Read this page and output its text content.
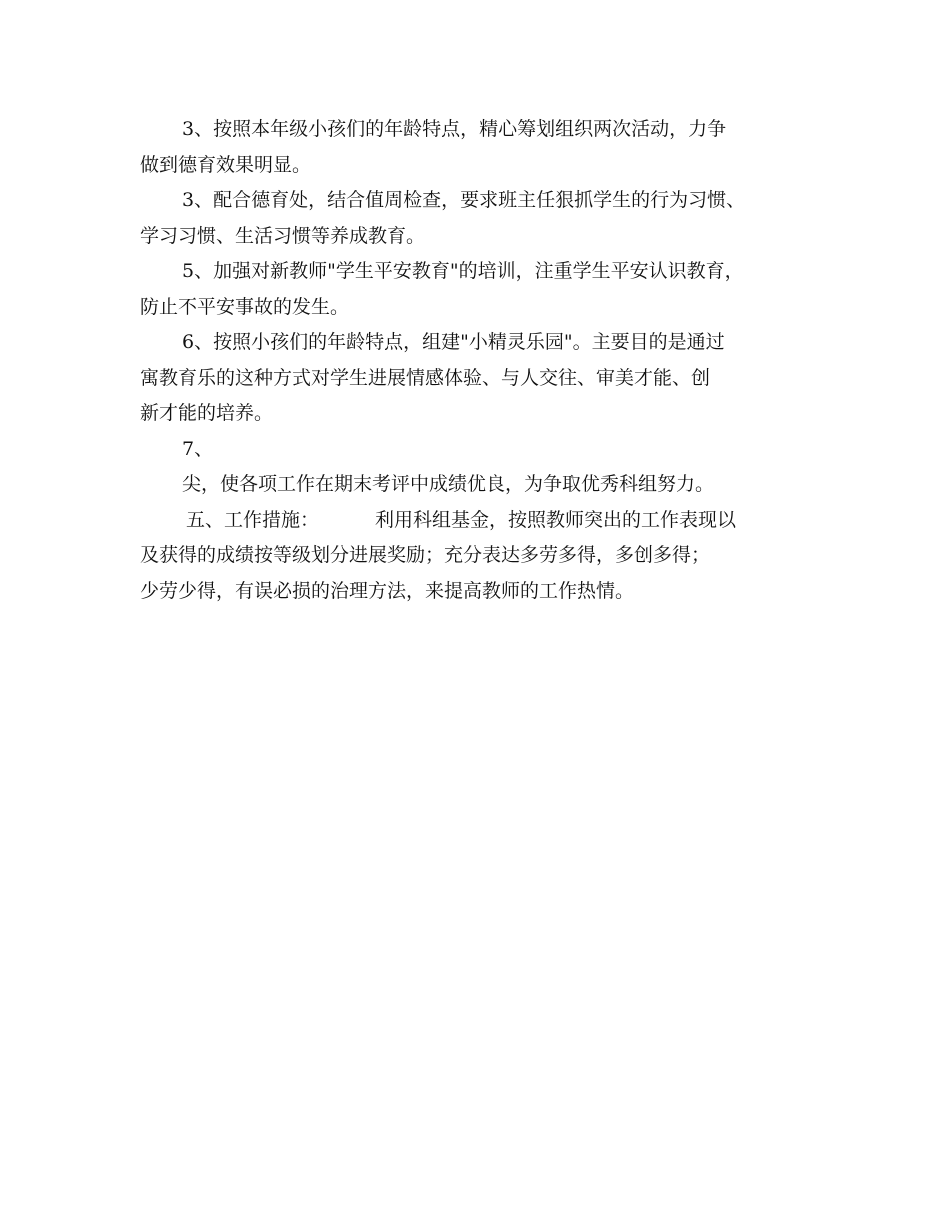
3、按照本年级小孩们的年龄特点，精心筹划组织两次活动，力争
做到德育效果明显。

3、配合德育处，结合值周检查，要求班主任狠抓学生的行为习惯、
学习习惯、生活习惯等养成教育。

5、加强对新教师"学生平安教育"的培训，注重学生平安认识教育，
防止不平安事故的发生。

6、按照小孩们的年龄特点，组建"小精灵乐园"。主要目的是通过
寓教育乐的这种方式对学生进展情感体验、与人交往、审美才能、创
新才能的培养。

7、

尖，使各项工作在期末考评中成绩优良，为争取优秀科组努力。

五、工作措施：	利用科组基金，按照教师突出的工作表现以
及获得的成绩按等级划分进展奖励；充分表达多劳多得，多创多得；
少劳少得，有误必损的治理方法，来提高教师的工作热情。
